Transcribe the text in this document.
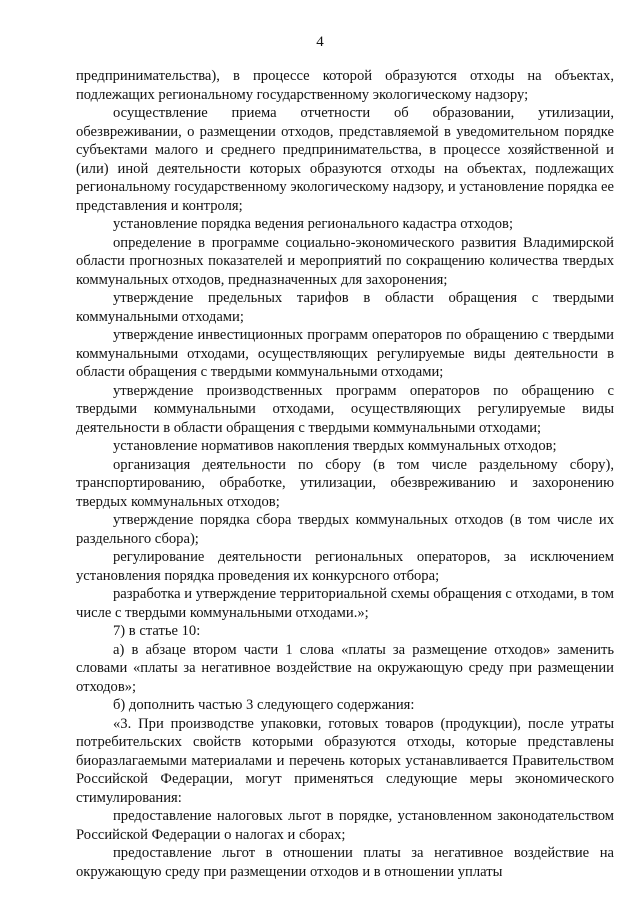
4

предпринимательства), в процессе которой образуются отходы на объектах, подлежащих региональному государственному экологическому надзору;

осуществление приема отчетности об образовании, утилизации, обезвреживании, о размещении отходов, представляемой в уведомительном порядке субъектами малого и среднего предпринимательства, в процессе хозяйственной и (или) иной деятельности которых образуются отходы на объектах, подлежащих региональному государственному экологическому надзору, и установление порядка ее представления и контроля;

установление порядка ведения регионального кадастра отходов;

определение в программе социально-экономического развития Владимирской области прогнозных показателей и мероприятий по сокращению количества твердых коммунальных отходов, предназначенных для захоронения;

утверждение предельных тарифов в области обращения с твердыми коммунальными отходами;

утверждение инвестиционных программ операторов по обращению с твердыми коммунальными отходами, осуществляющих регулируемые виды деятельности в области обращения с твердыми коммунальными отходами;

утверждение производственных программ операторов по обращению с твердыми коммунальными отходами, осуществляющих регулируемые виды деятельности в области обращения с твердыми коммунальными отходами;

установление нормативов накопления твердых коммунальных отходов;

организация деятельности по сбору (в том числе раздельному сбору), транспортированию, обработке, утилизации, обезвреживанию и захоронению твердых коммунальных отходов;

утверждение порядка сбора твердых коммунальных отходов (в том числе их раздельного сбора);

регулирование деятельности региональных операторов, за исключением установления порядка проведения их конкурсного отбора;

разработка и утверждение территориальной схемы обращения с отходами, в том числе с твердыми коммунальными отходами.»;

7) в статье 10:

а) в абзаце втором части 1 слова «платы за размещение отходов» заменить словами «платы за негативное воздействие на окружающую среду при размещении отходов»;

б) дополнить частью 3 следующего содержания:

«3. При производстве упаковки, готовых товаров (продукции), после утраты потребительских свойств которыми образуются отходы, которые представлены биоразлагаемыми материалами и перечень которых устанавливается Правительством Российской Федерации, могут применяться следующие меры экономического стимулирования:

предоставление налоговых льгот в порядке, установленном законодательством Российской Федерации о налогах и сборах;

предоставление льгот в отношении платы за негативное воздействие на окружающую среду при размещении отходов и в отношении уплаты
